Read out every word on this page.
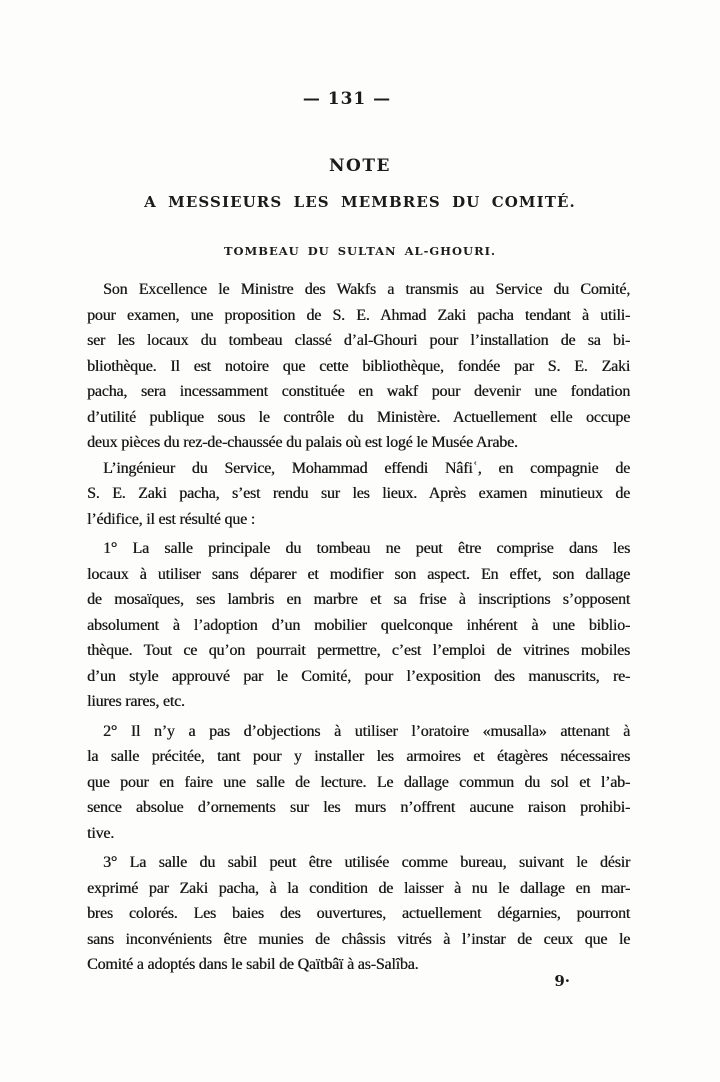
— 131 —
NOTE
A MESSIEURS LES MEMBRES DU COMITÉ.
TOMBEAU DU SULTAN AL-GHOURI.
Son Excellence le Ministre des Wakfs a transmis au Service du Comité,
pour examen, une proposition de S. E. Ahmad Zaki pacha tendant à utili-
ser les locaux du tombeau classé d’al-Ghouri pour l’installation de sa bi-
bliothèque. Il est notoire que cette bibliothèque, fondée par S. E. Zaki
pacha, sera incessamment constituée en wakf pour devenir une fondation
d’utilité publique sous le contrôle du Ministère. Actuellement elle occupe
deux pièces du rez-de-chaussée du palais où est logé le Musée Arabe.
L’ingénieur du Service, Mohammad effendi Nâfiʿ, en compagnie de
S. E. Zaki pacha, s’est rendu sur les lieux. Après examen minutieux de
l’édifice, il est résulté que :
1° La salle principale du tombeau ne peut être comprise dans les
locaux à utiliser sans déparer et modifier son aspect. En effet, son dallage
de mosaïques, ses lambris en marbre et sa frise à inscriptions s’opposent
absolument à l’adoption d’un mobilier quelconque inhérent à une biblio-
thèque. Tout ce qu’on pourrait permettre, c’est l’emploi de vitrines mobiles
d’un style approuvé par le Comité, pour l’exposition des manuscrits, re-
liures rares, etc.
2° Il n’y a pas d’objections à utiliser l’oratoire «musalla» attenant à
la salle précitée, tant pour y installer les armoires et étagères nécessaires
que pour en faire une salle de lecture. Le dallage commun du sol et l’ab-
sence absolue d’ornements sur les murs n’offrent aucune raison prohibi-
tive.
3° La salle du sabil peut être utilisée comme bureau, suivant le désir
exprimé par Zaki pacha, à la condition de laisser à nu le dallage en mar-
bres colorés. Les baies des ouvertures, actuellement dégarnies, pourront
sans inconvénients être munies de châssis vitrés à l’instar de ceux que le
Comité a adoptés dans le sabil de Qaïtbâï à as-Salîba.
9·
